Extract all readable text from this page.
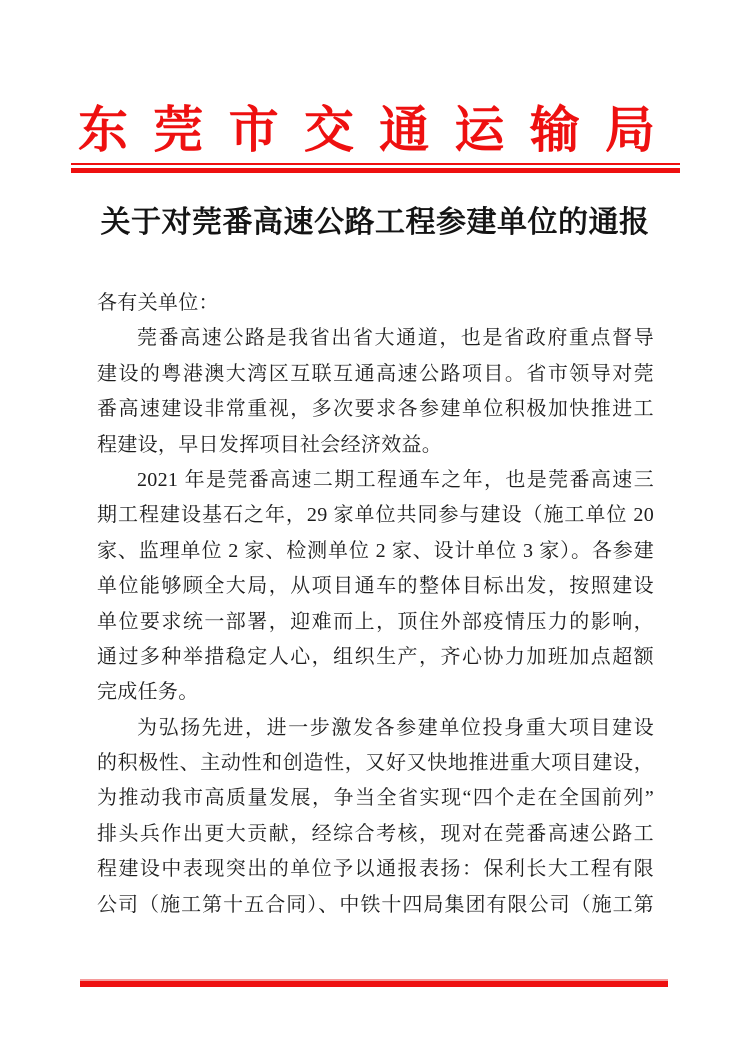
东莞市交通运输局
关于对莞番高速公路工程参建单位的通报
各有关单位：
莞番高速公路是我省出省大通道，也是省政府重点督导
建设的粤港澳大湾区互联互通高速公路项目。省市领导对莞
番高速建设非常重视，多次要求各参建单位积极加快推进工
程建设，早日发挥项目社会经济效益。
2021 年是莞番高速二期工程通车之年，也是莞番高速三
期工程建设基石之年，29 家单位共同参与建设（施工单位 20
家、监理单位 2 家、检测单位 2 家、设计单位 3 家）。各参建
单位能够顾全大局，从项目通车的整体目标出发，按照建设
单位要求统一部署，迎难而上，顶住外部疫情压力的影响，
通过多种举措稳定人心，组织生产，齐心协力加班加点超额
完成任务。
为弘扬先进，进一步激发各参建单位投身重大项目建设
的积极性、主动性和创造性，又好又快地推进重大项目建设，
为推动我市高质量发展，争当全省实现“四个走在全国前列”
排头兵作出更大贡献，经综合考核，现对在莞番高速公路工
程建设中表现突出的单位予以通报表扬：保利长大工程有限
公司（施工第十五合同）、中铁十四局集团有限公司（施工第
